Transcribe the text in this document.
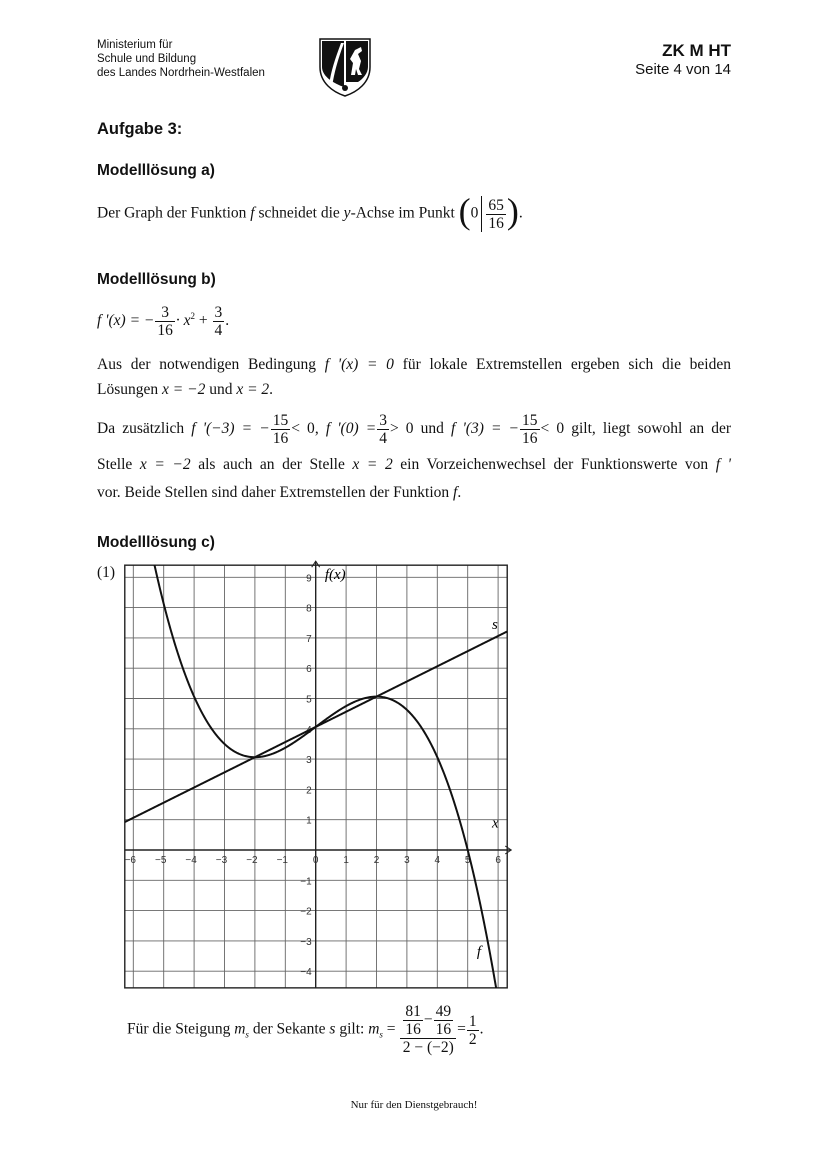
Ministerium für
Schule und Bildung
des Landes Nordrhein-Westfalen
ZK M HT
Seite 4 von 14
Aufgabe 3:
Modelllösung a)
Der Graph der Funktion f schneidet die y-Achse im Punkt ($0 \frac{65}{16}$ ).
Modelllösung b)
f '(x) = − $\frac{3}{16} \cdot x^2 + \frac{3}{4}$ .
Aus der notwendigen Bedingung f '(x) = 0 für lokale Extremstellen ergeben sich die beiden
Lösungen x = −2 und x = 2.
Da zusätzlich f '(−3) = − $\frac{15}{16} < 0$, f '$(0) = \frac{3}{4} > 0$ und f '(3) = − $\frac{15}{16} < 0$ gilt, liegt sowohl an der
Stelle x = −2 als auch an der Stelle x = 2 ein Vorzeichenwechsel der Funktionswerte von f '
vor. Beide Stellen sind daher Extremstellen der Funktion f.
Modelllösung c)
(1)
−6 −5 −4 −3 −2 −1 0 1 2 3 4 5 6
−4
−3
−2
−1
1
2
3
4
5
6
7
8
9
x
f(x)
f
s
Für die Steigung $m_s$ der Sekante s gilt: $m_s = \frac{\frac{81}{16} - \frac{49}{16}}{2 - (-2)} = \frac{1}{2}$ .
Nur für den Dienstgebrauch!
